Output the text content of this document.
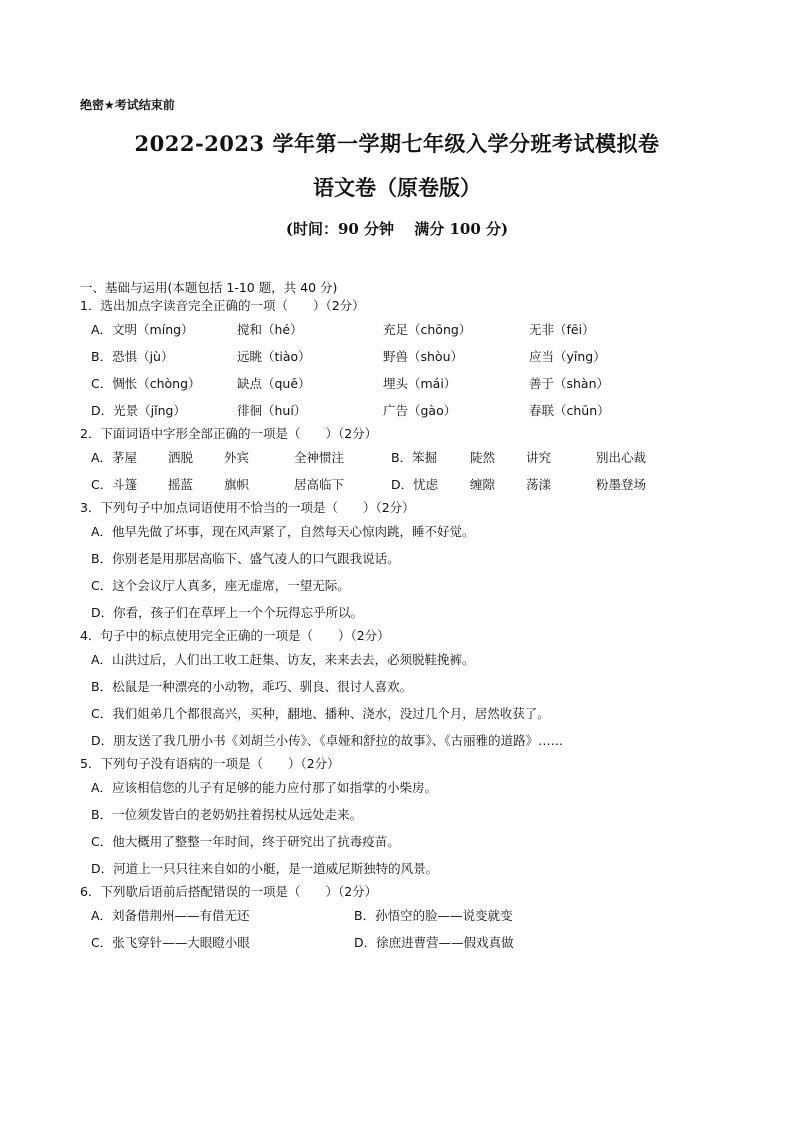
绝密★考试结束前
2022-2023 学年第一学期七年级入学分班考试模拟卷
语文卷（原卷版）
(时间：90 分钟　 满分 100 分)
一、基础与运用(本题包括 1-10 题，共 40 分)
1．选出加点字读音完全正确的一项（　　）（2分）
A．文明（míng）	搅和（hé）	充足（chōng）	无非（fēi）
B．恐惧（jù）	远眺（tiào）	野兽（shòu）	应当（yīng）
C．惆怅（chòng）	缺点（quē）	埋头（mái）	善于（shàn）
D．光景（jǐng）	徘徊（huí）	广告（gào）	春联（chūn）
2．下面词语中字形全部正确的一项是（　　）（2分）
A．茅屋	洒脱	外宾	全神惯注	B．笨掘	陡然	讲究	别出心裁
C．斗篷	摇蓝	旗帜	居高临下	D．忧虑	缠隙	荡漾	粉墨登场
3．下列句子中加点词语使用不恰当的一项是（　　）（2分）
A．他早先做了坏事，现在风声紧了，自然每天心惊肉跳，睡不好觉。
B．你别老是用那居高临下、盛气凌人的口气跟我说话。
C．这个会议厅人真多，座无虚席，一望无际。
D．你看，孩子们在草坪上一个个玩得忘乎所以。
4．句子中的标点使用完全正确的一项是（　　）（2分）
A．山洪过后，人们出工收工赶集、访友，来来去去，必须脱鞋挽裤。
B．松鼠是一种漂亮的小动物，乖巧、驯良、很讨人喜欢。
C．我们姐弟几个都很高兴，买种，翻地、播种、浇水，没过几个月，居然收获了。
D．朋友送了我几册小书《刘胡兰小传》、《卓娅和舒拉的故事》、《古丽雅的道路》……
5．下列句子没有语病的一项是（　　）（2分）
A．应该相信您的儿子有足够的能力应付那了如指掌的小柴房。
B．一位须发皆白的老奶奶拄着拐杖从远处走来。
C．他大概用了整整一年时间，终于研究出了抗毒疫苗。
D．河道上一只只往来自如的小艇，是一道威尼斯独特的风景。
6．下列歇后语前后搭配错误的一项是（　　）（2分）
A．刘备借荆州——有借无还	B．孙悟空的脸——说变就变
C．张飞穿针——大眼瞪小眼	D．徐庶进曹营——假戏真做
